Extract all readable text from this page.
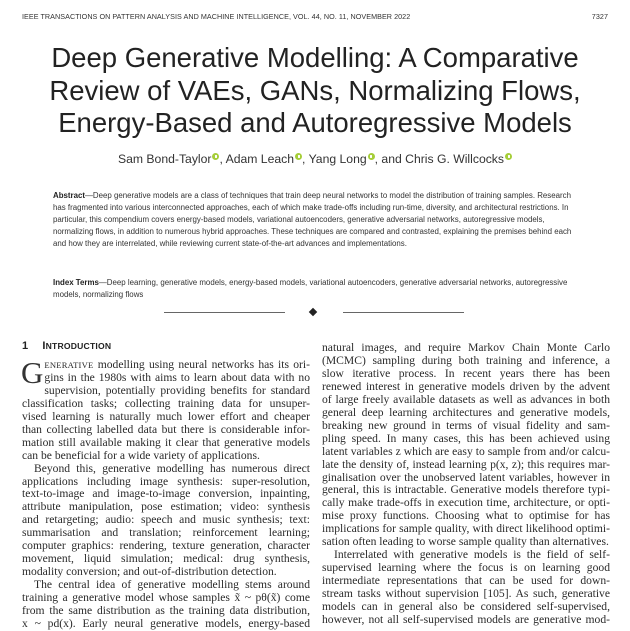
IEEE TRANSACTIONS ON PATTERN ANALYSIS AND MACHINE INTELLIGENCE, VOL. 44, NO. 11, NOVEMBER 2022	7327
Deep Generative Modelling: A Comparative
Review of VAEs, GANs, Normalizing Flows,
Energy-Based and Autoregressive Models
Sam Bond-Taylor , Adam Leach , Yang Long , and Chris G. Willcocks
Abstract—Deep generative models are a class of techniques that train deep neural networks to model the distribution of training samples. Research has fragmented into various interconnected approaches, each of which make trade-offs including run-time, diversity, and architectural restrictions. In particular, this compendium covers energy-based models, variational autoencoders, generative adversarial networks, autoregressive models, normalizing flows, in addition to numerous hybrid approaches. These techniques are compared and contrasted, explaining the premises behind each and how they are interrelated, while reviewing current state-of-the-art advances and implementations.
Index Terms—Deep learning, generative models, energy-based models, variational autoencoders, generative adversarial networks, autoregressive models, normalizing flows
1 INTRODUCTION
G ENERATIVE modelling using neural networks has its ori-
gins in the 1980s with aims to learn about data with no
supervision, potentially providing benefits for standard
classification tasks; collecting training data for unsuper-
vised learning is naturally much lower effort and cheaper
than collecting labelled data but there is considerable infor-
mation still available making it clear that generative models
can be beneficial for a wide variety of applications.
Beyond this, generative modelling has numerous direct
applications including image synthesis: super-resolution,
text-to-image and image-to-image conversion, inpainting,
attribute manipulation, pose estimation; video: synthesis
and retargeting; audio: speech and music synthesis; text:
summarisation and translation; reinforcement learning;
computer graphics: rendering, texture generation, character
movement, liquid simulation; medical: drug synthesis,
modality conversion; and out-of-distribution detection.
The central idea of generative modelling stems around
training a generative model whose samples x̃ ~ pθ(x̃) come
from the same distribution as the training data distribution,
x ~ pd(x). Early neural generative models, energy-based
natural images, and require Markov Chain Monte Carlo
(MCMC) sampling during both training and inference, a
slow iterative process. In recent years there has been
renewed interest in generative models driven by the advent
of large freely available datasets as well as advances in both
general deep learning architectures and generative models,
breaking new ground in terms of visual fidelity and sam-
pling speed. In many cases, this has been achieved using
latent variables z which are easy to sample from and/or calcu-
late the density of, instead learning p(x, z); this requires mar-
ginalisation over the unobserved latent variables, however in
general, this is intractable. Generative models therefore typi-
cally make trade-offs in execution time, architecture, or opti-
mise proxy functions. Choosing what to optimise for has
implications for sample quality, with direct likelihood optimi-
sation often leading to worse sample quality than alternatives.
Interrelated with generative models is the field of self-
supervised learning where the focus is on learning good
intermediate representations that can be used for down-
stream tasks without supervision [105]. As such, generative
models can in general also be considered self-supervised,
however, not all self-supervised models are generative mod-
